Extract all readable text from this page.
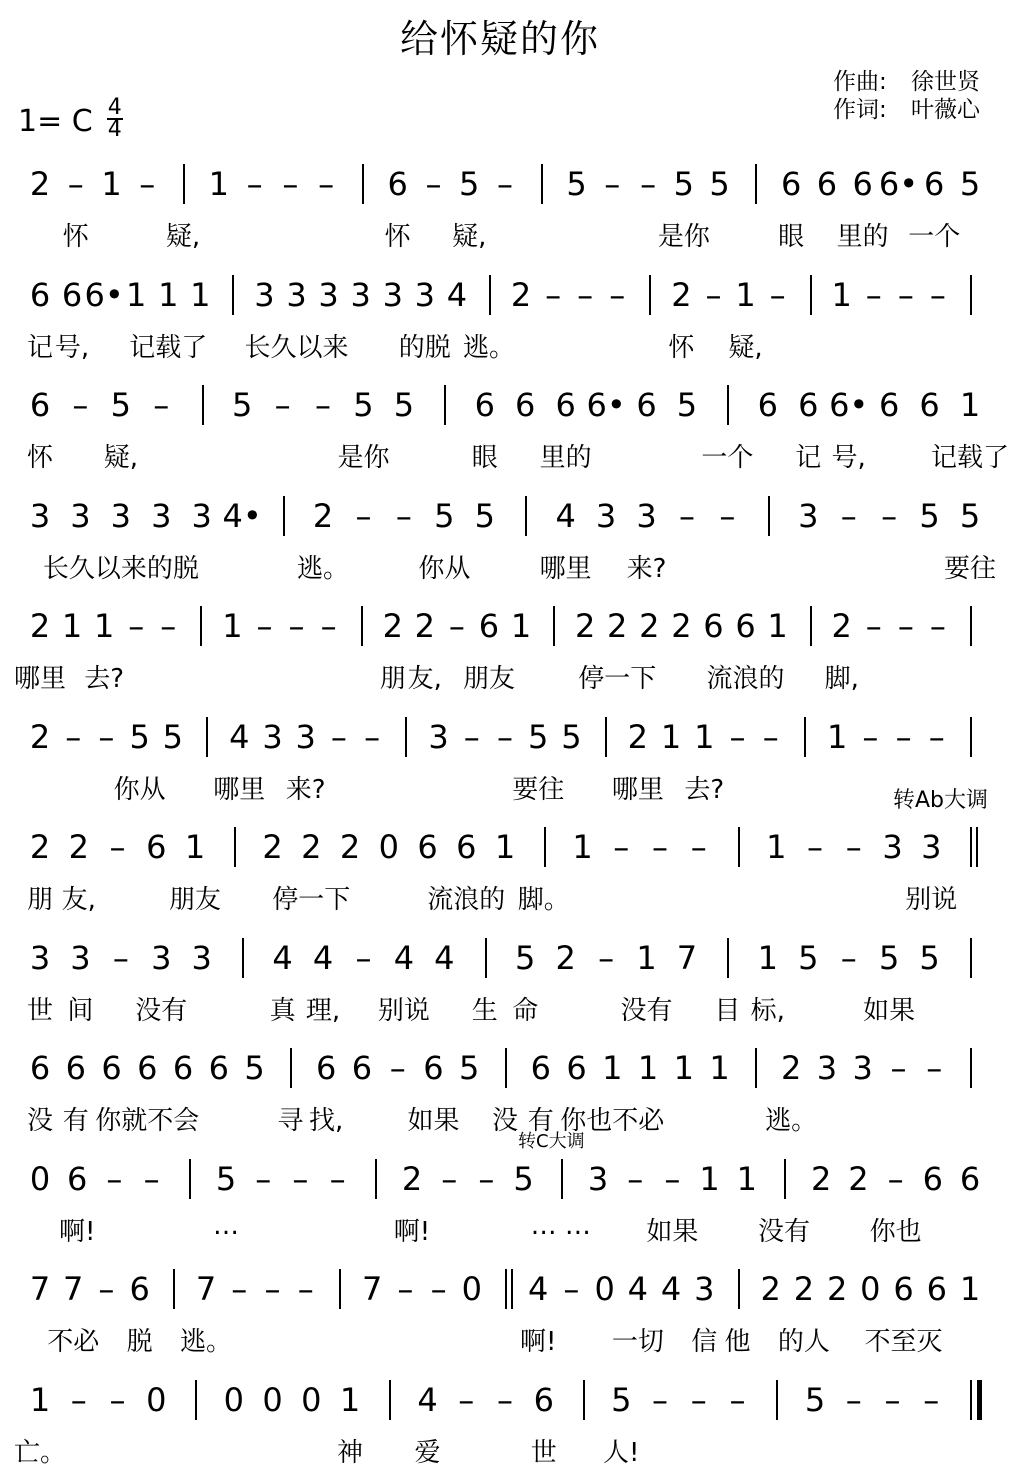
给怀疑的你
作曲:	徐世贤
作词:	叶薇心
1= C $\frac{4}{4}$
2 – 1 – 1 – – – 6 – 5 – 5 – – 5 5 6 6 6 6• 6 5
怀	疑,	怀 疑,	是你	眼 里的 一个
6 6 6• 1 1 1 3 3 3 3 3 3 4 2 – – – 2 – 1 – 1 – – –
记 号, 记载了 长久以来 的脱 逃。	怀 疑,
6 – 5 – 5 – – 5 5 6 6 6 6• 6 5 6 6 6• 6 6 1
怀 疑,	是你	眼 里的	一个 记 号,	记载了
3 3 3 3 3 4• 2 – – 5 5 4 3 3 – – 3 – – 5 5
长久以来的脱	逃。	你从	哪里 来?	要往
2 1 1 – – 1 – – – 2 2 – 6 1 2 2 2 2 6 6 1 2 – – –
哪里 去?	朋 友, 朋友 停一下 流浪的 脚,
2 – – 5 5 4 3 3 – – 3 – – 5 5 2 1 1 – – 1 – – –
你从 哪里 来?	要往 哪里 去?
2 2 – 6 1 2 2 2 0 6 6 1 1 – – – 1 – – 3 3
朋 友,	朋友 停一下	流浪的 脚。	别说
3 3 – 3 3 4 4 – 4 4 5 2 – 1 7 1 5 – 5 5
世 间 没有	真 理, 别说 生 命	没有 目 标,	如果
6 6 6 6 6 6 5 6 6 – 6 5 6 6 1 1 1 1 2 3 3 – –
没 有 你就不会	寻 找, 如果 没 有 你也不必	逃。
0 6 – – 5 – – – 2 – – 5 3 – – 1 1 2 2 – 6 6
啊!	…	啊!	… … 如果 没有 你也
7 7 – 6 7 – – – 7 – – 0 4 – 0 4 4 3 2 2 2 0 6 6 1
不必 脱 逃。	啊! 一切 信 他 的人 不至灭
1 – – 0 0 0 0 1 4 – – 6 5 – – – 5 – – –
亡。	神 爱	世 人!
转Ab大调
转C大调
